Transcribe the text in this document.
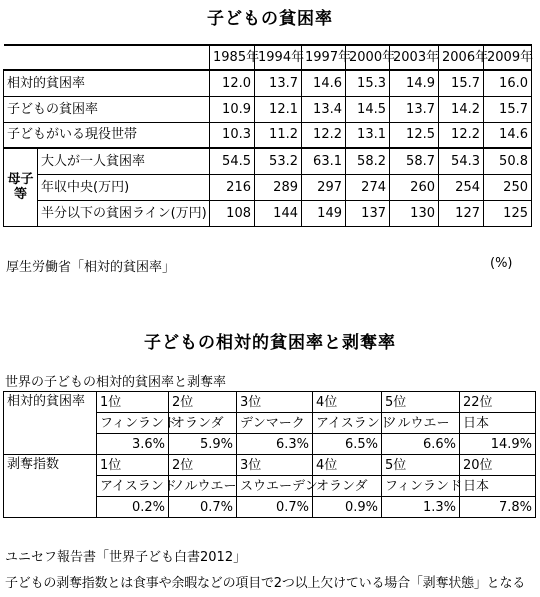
子どもの貧困率
		1985年	1994年	1997年	2000年	2003年	2006年	2009年
相対的貧困率		12.0	13.7	14.6	15.3	14.9	15.7	16.0
子どもの貧困率		10.9	12.1	13.4	14.5	13.7	14.2	15.7
子どもがいる現役世帯		10.3	11.2	12.2	13.1	12.5	12.2	14.6
母子等	大人が一人貧困率	54.5	53.2	63.1	58.2	58.7	54.3	50.8
	年収中央(万円)	216	289	297	274	260	254	250
	半分以下の貧困ライン(万円)	108	144	149	137	130	127	125
厚生労働省「相対的貧困率」	(%)
子どもの相対的貧困率と剥奪率
世界の子どもの相対的貧困率と剥奪率
相対的貧困率	1位	2位	3位	4位	5位	22位
	フィンランド	オランダ	デンマーク	アイスランド	ノルウエー	日本
	3.6%	5.9%	6.3%	6.5%	6.6%	14.9%
剥奪指数	1位	2位	3位	4位	5位	20位
	アイスランド	ノルウエー	スウエーデン	オランダ	フィンランド	日本
	0.2%	0.7%	0.7%	0.9%	1.3%	7.8%
ユニセフ報告書「世界子ども白書2012」
子どもの剥奪指数とは食事や余暇などの項目で2つ以上欠けている場合「剥奪状態」となる
